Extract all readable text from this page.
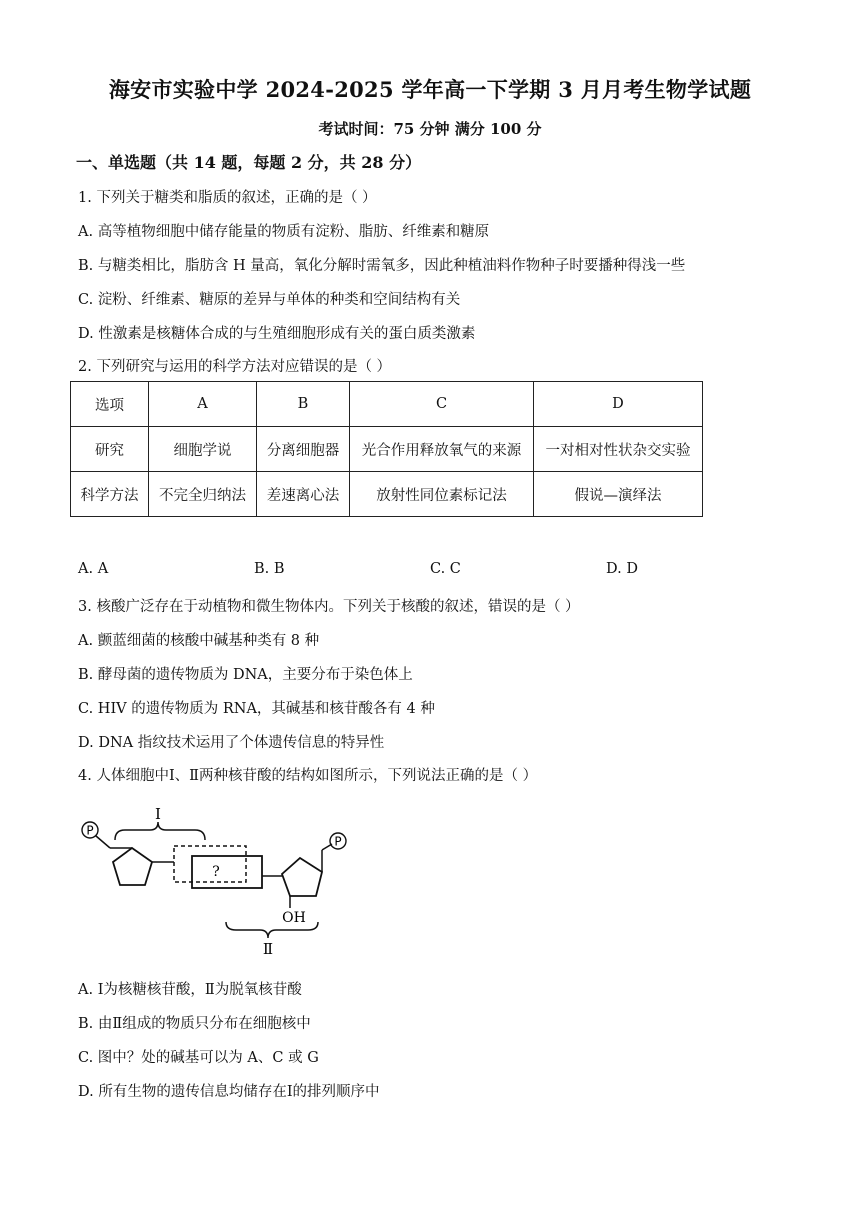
海安市实验中学 2024-2025 学年高一下学期 3 月月考生物学试题
考试时间：75 分钟 满分 100 分
一、单选题（共 14 题，每题 2 分，共 28 分）
1. 下列关于糖类和脂质的叙述，正确的是（ ）
A. 高等植物细胞中储存能量的物质有淀粉、脂肪、纤维素和糖原
B. 与糖类相比，脂肪含 H 量高，氧化分解时需氧多，因此种植油料作物种子时要播种得浅一些
C. 淀粉、纤维素、糖原的差异与单体的种类和空间结构有关
D. 性激素是核糖体合成的与生殖细胞形成有关的蛋白质类激素
2. 下列研究与运用的科学方法对应错误的是（ ）
选项	A	B	C	D
研究	细胞学说	分离细胞器	光合作用释放氧气的来源	一对相对性状杂交实验
科学方法	不完全归纳法	差速离心法	放射性同位素标记法	假说—演绎法
A. A	B. B	C. C	D. D
3. 核酸广泛存在于动植物和微生物体内。下列关于核酸的叙述，错误的是（ ）
A. 颤蓝细菌的核酸中碱基种类有 8 种
B. 酵母菌的遗传物质为 DNA，主要分布于染色体上
C. HIV 的遗传物质为 RNA，其碱基和核苷酸各有 4 种
D. DNA 指纹技术运用了个体遗传信息的特异性
4. 人体细胞中Ⅰ、Ⅱ两种核苷酸的结构如图所示，下列说法正确的是（ ）
Ⅰ
P
?
P
OH
Ⅱ
A. Ⅰ为核糖核苷酸，Ⅱ为脱氧核苷酸
B. 由Ⅱ组成的物质只分布在细胞核中
C. 图中？处的碱基可以为 A、C 或 G
D. 所有生物的遗传信息均储存在Ⅰ的排列顺序中
